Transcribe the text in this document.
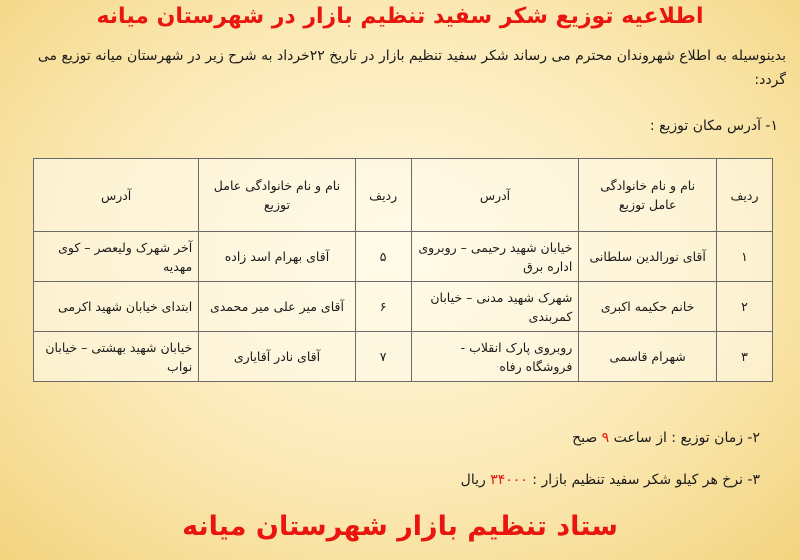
اطلاعیه توزیع شکر سفید تنظیم بازار در شهرستان میانه
بدینوسیله به اطلاع شهروندان محترم می رساند شکر سفید تنظیم بازار در تاریخ ۲۲خرداد به شرح زیر در شهرستان میانه توزیع می گردد:
۱- آدرس مکان توزیع :
ردیف	نام و نام خانوادگی عامل توزیع	آدرس	ردیف	نام و نام خانوادگی عامل توزیع	آدرس
۱	آقای نورالدین سلطانی	خیابان شهید رحیمی – روبروی اداره برق	۵	آقای بهرام اسد زاده	آخر شهرک ولیعصر – کوی مهدیه
۲	خانم حکیمه اکبری	شهرک شهید مدنی – خیابان کمربندی	۶	آقای میر علی میر محمدی	ابتدای خیابان شهید اکرمی
۳	شهرام قاسمی	روبروی پارک انقلاب - فروشگاه رفاه	۷	آقای نادر آقایاری	خیابان شهید بهشتی – خیابان نواب
۲- زمان توزیع : از ساعت ۹ صبح
۳- نرخ هر کیلو شکر سفید تنظیم بازار : ۳۴۰۰۰ ریال
ستاد تنظیم بازار شهرستان میانه
